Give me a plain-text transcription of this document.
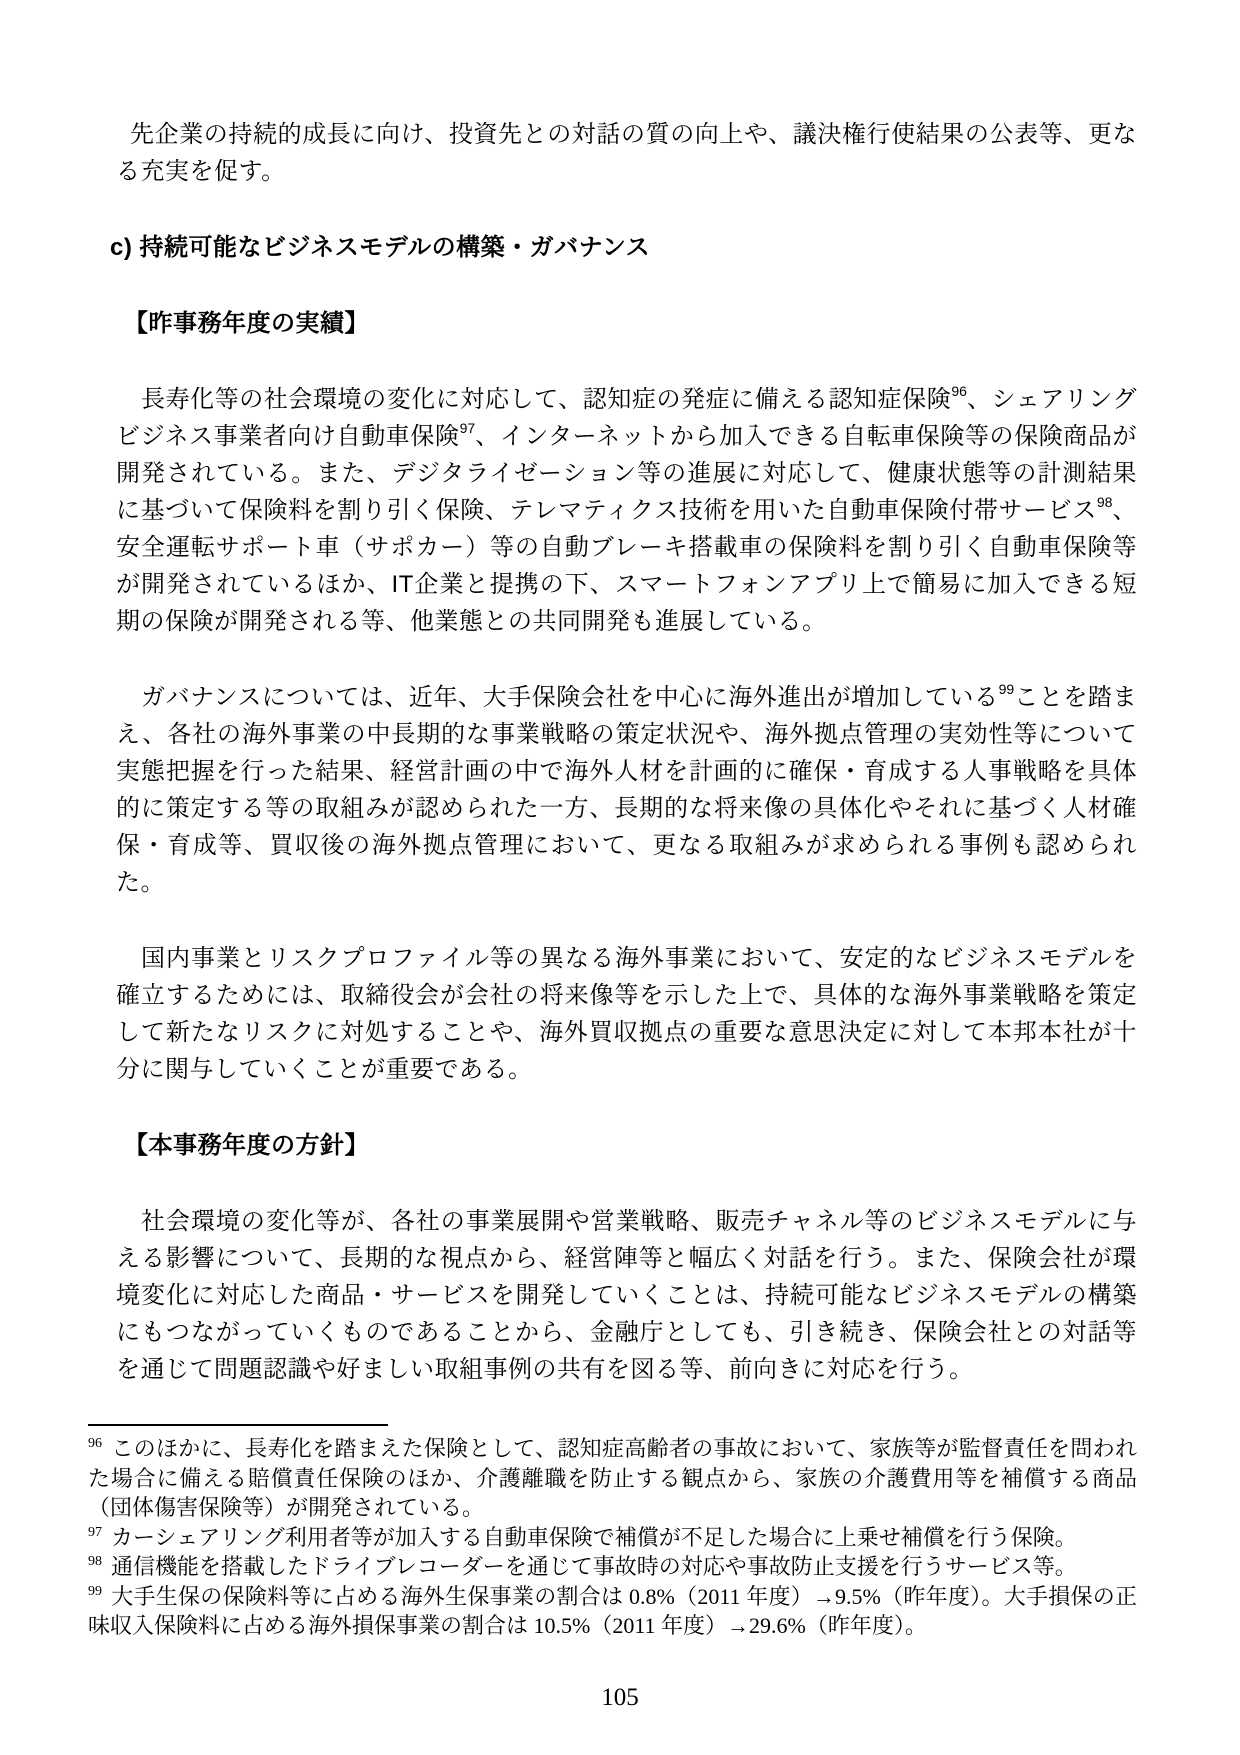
先企業の持続的成長に向け、投資先との対話の質の向上や、議決権行使結果の公表等、更なる充実を促す。

c) 持続可能なビジネスモデルの構築・ガバナンス
【昨事務年度の実績】

長寿化等の社会環境の変化に対応して、認知症の発症に備える認知症保険$^{96}$、シェアリングビジネス事業者向け自動車保険$^{97}$、インターネットから加入できる自転車保険等の保険商品が開発されている。また、デジタライゼーション等の進展に対応して、健康状態等の計測結果に基づいて保険料を割り引く保険、テレマティクス技術を用いた自動車保険付帯サービス$^{98}$、安全運転サポート車（サポカー）等の自動ブレーキ搭載車の保険料を割り引く自動車保険等が開発されているほか、IT企業と提携の下、スマートフォンアプリ上で簡易に加入できる短期の保険が開発される等、他業態との共同開発も進展している。

ガバナンスについては、近年、大手保険会社を中心に海外進出が増加している$^{99}$ことを踏まえ、各社の海外事業の中長期的な事業戦略の策定状況や、海外拠点管理の実効性等について実態把握を行った結果、経営計画の中で海外人材を計画的に確保・育成する人事戦略を具体的に策定する等の取組みが認められた一方、長期的な将来像の具体化やそれに基づく人材確保・育成等、買収後の海外拠点管理において、更なる取組みが求められる事例も認められた。

国内事業とリスクプロファイル等の異なる海外事業において、安定的なビジネスモデルを確立するためには、取締役会が会社の将来像等を示した上で、具体的な海外事業戦略を策定して新たなリスクに対処することや、海外買収拠点の重要な意思決定に対して本邦本社が十分に関与していくことが重要である。

【本事務年度の方針】

社会環境の変化等が、各社の事業展開や営業戦略、販売チャネル等のビジネスモデルに与える影響について、長期的な視点から、経営陣等と幅広く対話を行う。また、保険会社が環境変化に対応した商品・サービスを開発していくことは、持続可能なビジネスモデルの構築にもつながっていくものであることから、金融庁としても、引き続き、保険会社との対話等を通じて問題認識や好ましい取組事例の共有を図る等、前向きに対応を行う。

$^{96}$ このほかに、長寿化を踏まえた保険として、認知症高齢者の事故において、家族等が監督責任を問われた場合に備える賠償責任保険のほか、介護離職を防止する観点から、家族の介護費用等を補償する商品（団体傷害保険等）が開発されている。

$^{97}$ カーシェアリング利用者等が加入する自動車保険で補償が不足した場合に上乗せ補償を行う保険。

$^{98}$ 通信機能を搭載したドライブレコーダーを通じて事故時の対応や事故防止支援を行うサービス等。

$^{99}$ 大手生保の保険料等に占める海外生保事業の割合は 0.8%（2011 年度）→9.5%（昨年度）。大手損保の正味収入保険料に占める海外損保事業の割合は 10.5%（2011 年度）→29.6%（昨年度）。

105
